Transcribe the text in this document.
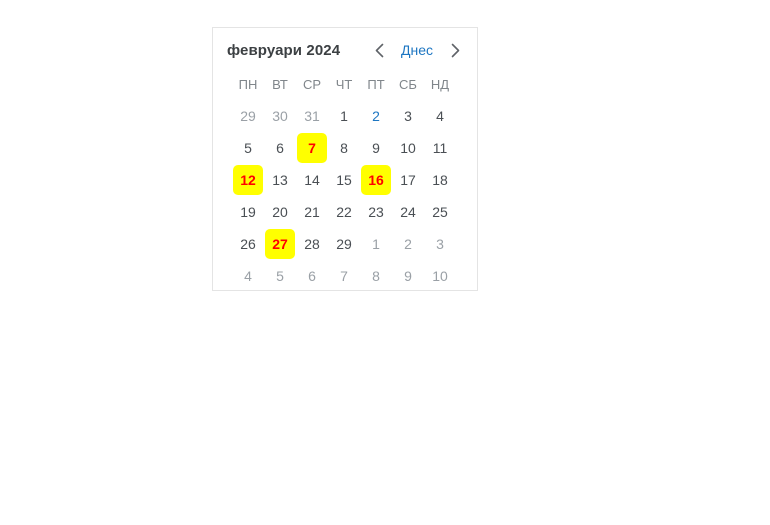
февруари 2024	Днес
ПН	ВТ	СР	ЧТ	ПТ	СБ	НД
29	30	31	1	2	3	4
5	6	7	8	9	10	11
12	13	14	15	16	17	18
19	20	21	22	23	24	25
26	27	28	29	1	2	3
4	5	6	7	8	9	10
